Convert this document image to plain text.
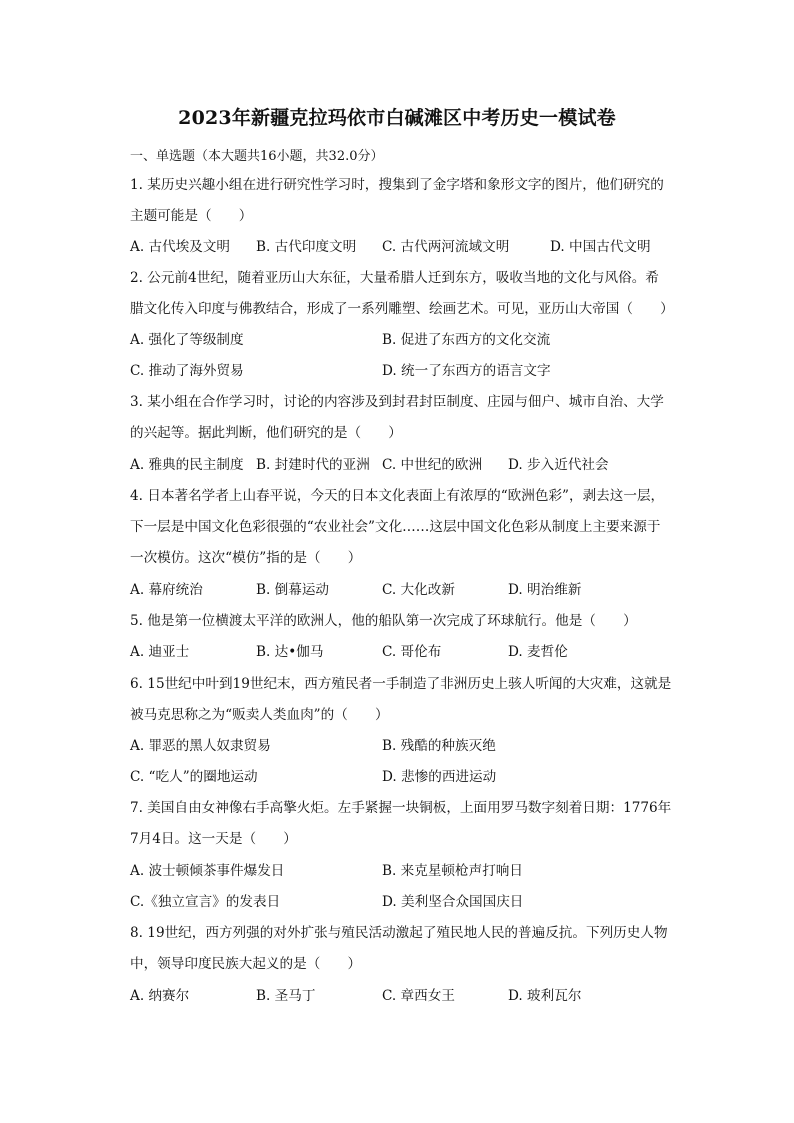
2023年新疆克拉玛依市白碱滩区中考历史一模试卷
一、单选题（本大题共16小题，共32.0分）
1. 某历史兴趣小组在进行研究性学习时，搜集到了金字塔和象形文字的图片，他们研究的
主题可能是（　　）
A. 古代埃及文明 B. 古代印度文明 C. 古代两河流域文明	D. 中国古代文明
2. 公元前4世纪，随着亚历山大东征，大量希腊人迁到东方，吸收当地的文化与风俗。希
腊文化传入印度与佛教结合，形成了一系列雕塑、绘画艺术。可见，亚历山大帝国（　　）
A. 强化了等级制度	B. 促进了东西方的文化交流
C. 推动了海外贸易	D. 统一了东西方的语言文字
3. 某小组在合作学习时，讨论的内容涉及到封君封臣制度、庄园与佃户、城市自治、大学
的兴起等。据此判断，他们研究的是（　　）
A. 雅典的民主制度 B. 封建时代的亚洲 C. 中世纪的欧洲 D. 步入近代社会
4. 日本著名学者上山春平说，今天的日本文化表面上有浓厚的“欧洲色彩”，剥去这一层，
下一层是中国文化色彩很强的“农业社会”文化……这层中国文化色彩从制度上主要来源于
一次模仿。这次“模仿”指的是（　　）
A. 幕府统治	B. 倒幕运动	C. 大化改新	D. 明治维新
5. 他是第一位横渡太平洋的欧洲人，他的船队第一次完成了环球航行。他是（　　）
A. 迪亚士	B. 达•伽马	C. 哥伦布	D. 麦哲伦
6. 15世纪中叶到19世纪末，西方殖民者一手制造了非洲历史上骇人听闻的大灾难，这就是
被马克思称之为“贩卖人类血肉”的（　　）
A. 罪恶的黑人奴隶贸易	B. 残酷的种族灭绝
C. “吃人”的圈地运动	D. 悲惨的西进运动
7. 美国自由女神像右手高擎火炬。左手紧握一块铜板，上面用罗马数字刻着日期：1776年
7月4日。这一天是（　　）
A. 波士顿倾茶事件爆发日	B. 来克星顿枪声打响日
C.《独立宣言》的发表日	D. 美利坚合众国国庆日
8. 19世纪，西方列强的对外扩张与殖民活动激起了殖民地人民的普遍反抗。下列历史人物
中，领导印度民族大起义的是（　　）
A. 纳赛尔	B. 圣马丁	C. 章西女王	D. 玻利瓦尔
